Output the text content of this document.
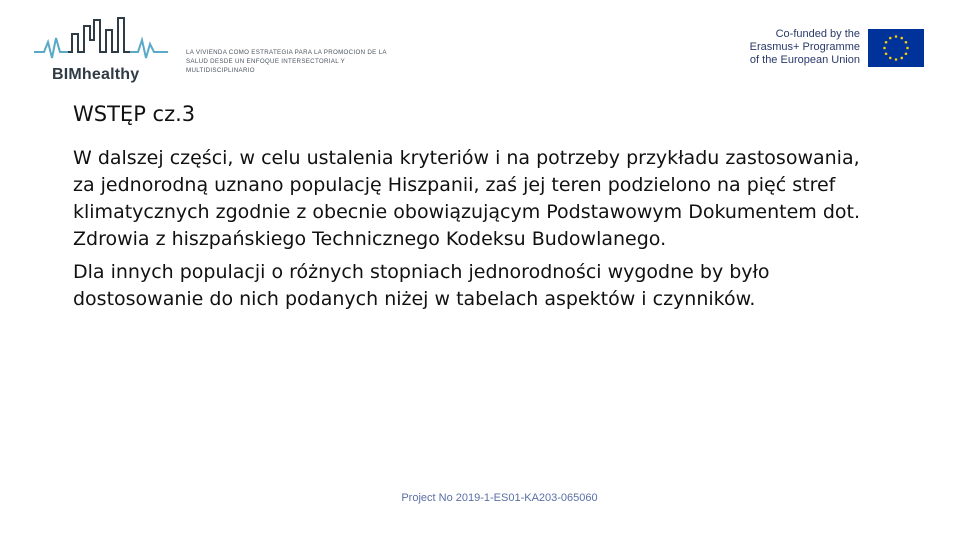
BIMhealthy
LA VIVIENDA COMO ESTRATEGIA PARA LA PROMOCION DE LA SALUD DESDE UN ENFOQUE INTERSECTORIAL Y MULTIDISCIPLINARIO
Co-funded by the
Erasmus+ Programme
of the European Union
WSTĘP cz.3

W dalszej części, w celu ustalenia kryteriów i na potrzeby przykładu zastosowania, za jednorodną uznano populację Hiszpanii, zaś jej teren podzielono na pięć stref klimatycznych zgodnie z obecnie obowiązującym Podstawowym Dokumentem dot. Zdrowia z hiszpańskiego Technicznego Kodeksu Budowlanego.

Dla innych populacji o różnych stopniach jednorodności wygodne by było dostosowanie do nich podanych niżej w tabelach aspektów i czynników.

Project No 2019-1-ES01-KA203-065060
